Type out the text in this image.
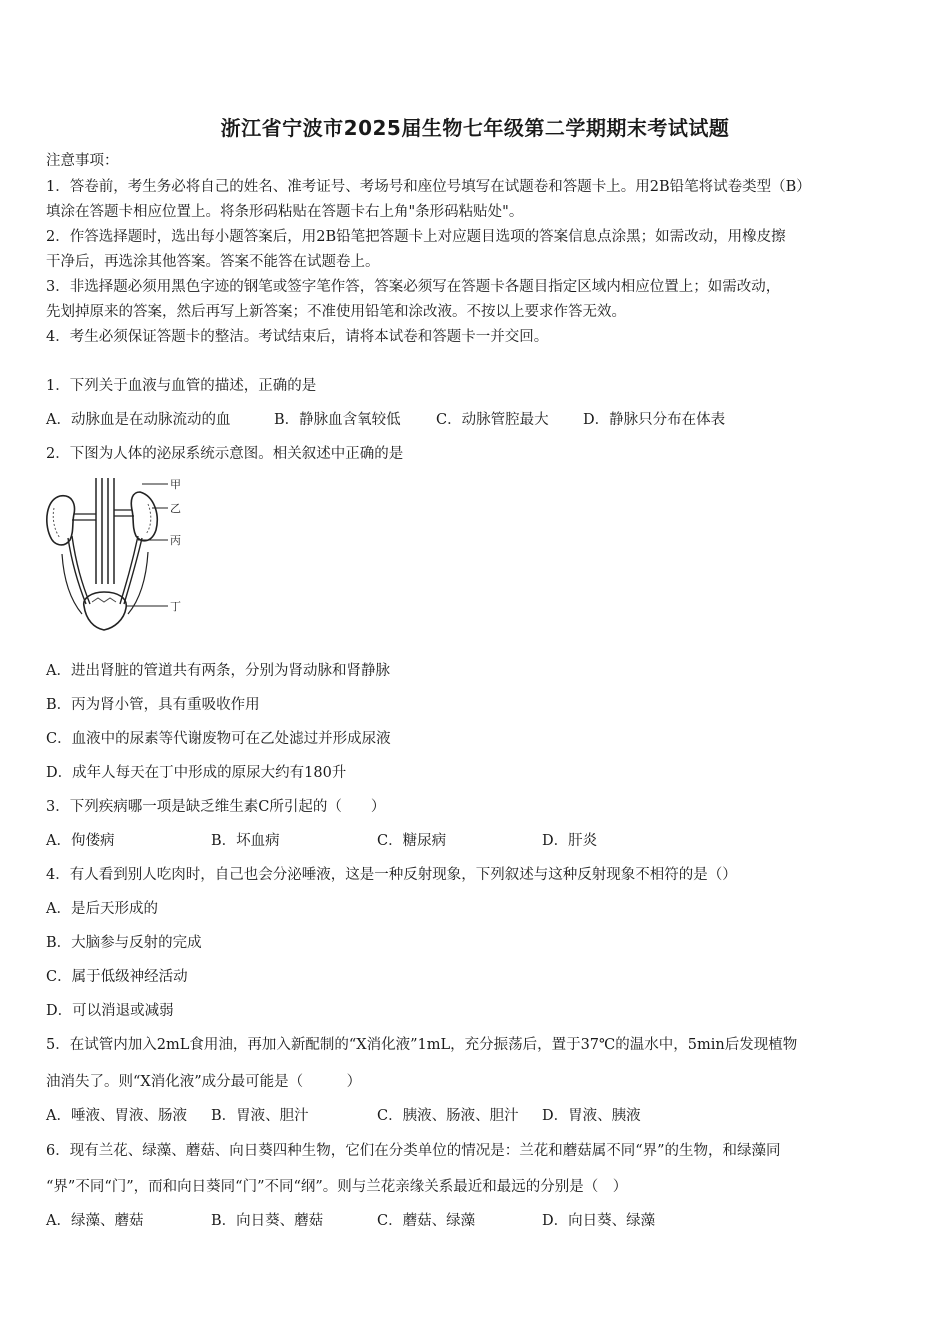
浙江省宁波市2025届生物七年级第二学期期末考试试题
注意事项：
1．答卷前，考生务必将自己的姓名、准考证号、考场号和座位号填写在试题卷和答题卡上。用2B铅笔将试卷类型（B）
填涂在答题卡相应位置上。将条形码粘贴在答题卡右上角"条形码粘贴处"。
2．作答选择题时，选出每小题答案后，用2B铅笔把答题卡上对应题目选项的答案信息点涂黑；如需改动，用橡皮擦
干净后，再选涂其他答案。答案不能答在试题卷上。
3．非选择题必须用黑色字迹的钢笔或签字笔作答，答案必须写在答题卡各题目指定区域内相应位置上；如需改动，
先划掉原来的答案，然后再写上新答案；不准使用铅笔和涂改液。不按以上要求作答无效。
4．考生必须保证答题卡的整洁。考试结束后，请将本试卷和答题卡一并交回。
1．下列关于血液与血管的描述，正确的是
A．动脉血是在动脉流动的血	B．静脉血含氧较低 C．动脉管腔最大 D．静脉只分布在体表
2．下图为人体的泌尿系统示意图。相关叙述中正确的是
甲
乙
丙
丁
A．进出肾脏的管道共有两条，分别为肾动脉和肾静脉
B．丙为肾小管，具有重吸收作用
C．血液中的尿素等代谢废物可在乙处滤过并形成尿液
D．成年人每天在丁中形成的原尿大约有180升
3．下列疾病哪一项是缺乏维生素C所引起的（　　）
A．佝偻病	B．坏血病	C．糖尿病	D．肝炎
4．有人看到别人吃肉时，自己也会分泌唾液，这是一种反射现象，下列叙述与这种反射现象不相符的是（）
A．是后天形成的
B．大脑参与反射的完成
C．属于低级神经活动
D．可以消退或减弱
5．在试管内加入2mL食用油，再加入新配制的“X消化液”1mL，充分振荡后，置于37℃的温水中，5min后发现植物
油消失了。则“X消化液”成分最可能是（　　　）
A．唾液、胃液、肠液 B．胃液、胆汁	C．胰液、肠液、胆汁 D．胃液、胰液
6．现有兰花、绿藻、蘑菇、向日葵四种生物，它们在分类单位的情况是：兰花和蘑菇属不同“界”的生物，和绿藻同
“界”不同“门”，而和向日葵同“门”不同“纲”。则与兰花亲缘关系最近和最远的分别是（　）
A．绿藻、蘑菇	B．向日葵、蘑菇	C．蘑菇、绿藻	D．向日葵、绿藻
